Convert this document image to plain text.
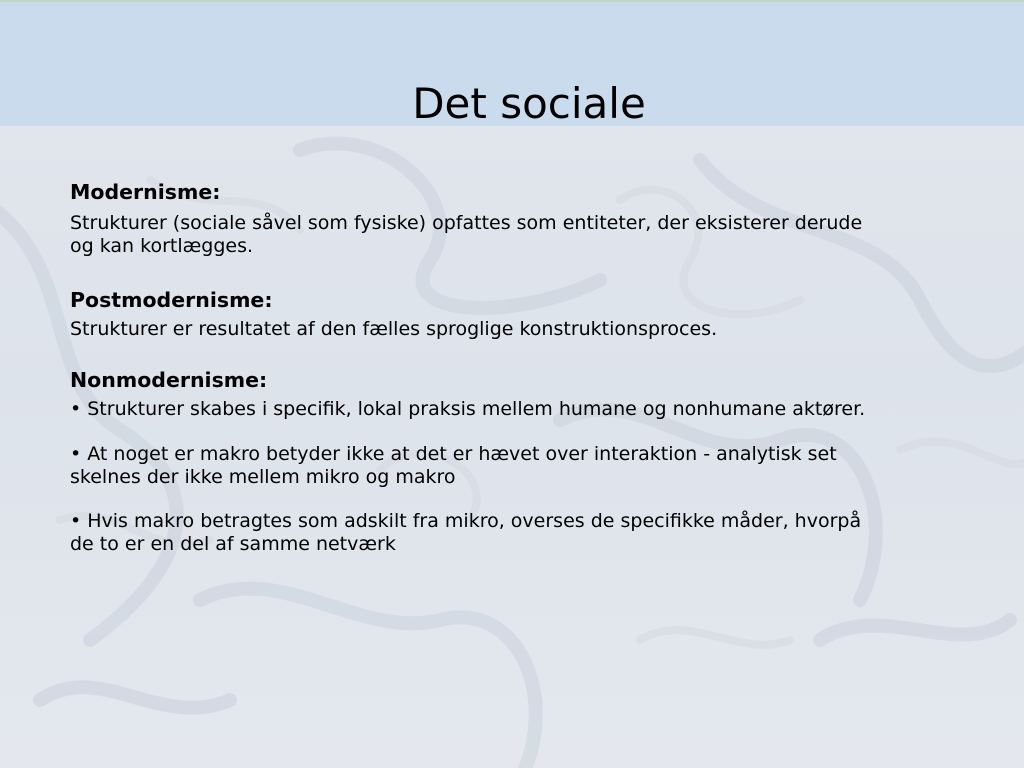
Det sociale

Modernisme:

Strukturer (sociale såvel som fysiske) opfattes som entiteter, der eksisterer derude og kan kortlægges.

Postmodernisme:

Strukturer er resultatet af den fælles sproglige konstruktionsproces.

Nonmodernisme:

• Strukturer skabes i specifik, lokal praksis mellem humane og nonhumane aktører.

• At noget er makro betyder ikke at det er hævet over interaktion - analytisk set skelnes der ikke mellem mikro og makro

• Hvis makro betragtes som adskilt fra mikro, overses de specifikke måder, hvorpå de to er en del af samme netværk
